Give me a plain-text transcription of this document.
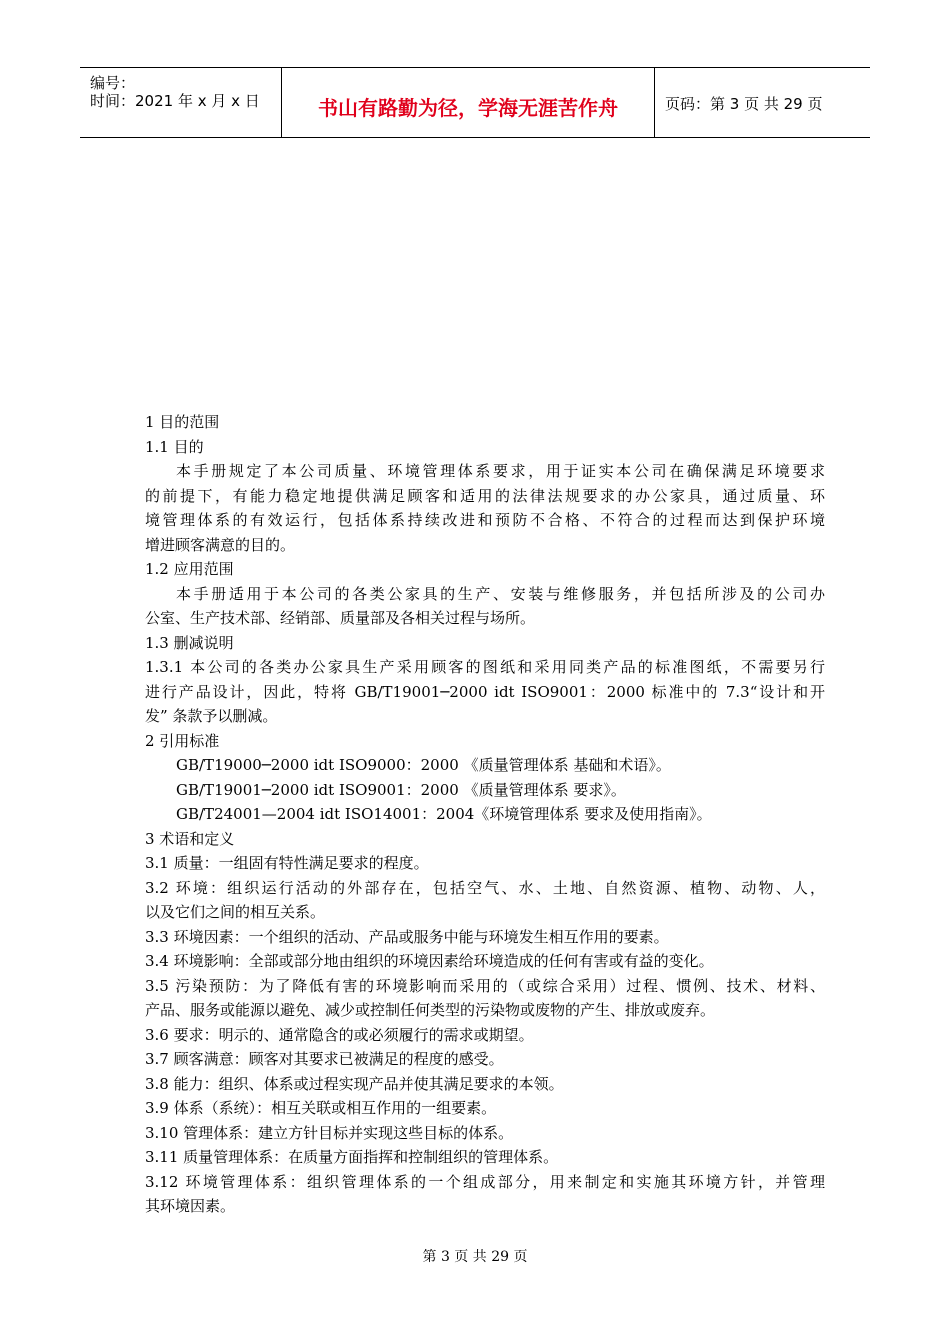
编号：
时间：2021 年 x 月 x 日	书山有路勤为径，学海无涯苦作舟	页码：第 3 页 共 29 页
1 目的范围
1.1 目的
本手册规定了本公司质量、环境管理体系要求，用于证实本公司在确保满足环境要求
的前提下，有能力稳定地提供满足顾客和适用的法律法规要求的办公家具，通过质量、环
境管理体系的有效运行，包括体系持续改进和预防不合格、不符合的过程而达到保护环境
增进顾客满意的目的。
1.2 应用范围
本手册适用于本公司的各类公家具的生产、安装与维修服务，并包括所涉及的公司办
公室、生产技术部、经销部、质量部及各相关过程与场所。
1.3 删减说明
1.3.1 本公司的各类办公家具生产采用顾客的图纸和采用同类产品的标准图纸，不需要另行
进行产品设计，因此，特将 GB/T19001─2000 idt ISO9001：2000 标准中的 7.3“设计和开
发” 条款予以删减。
2 引用标准
GB/T19000─2000 idt ISO9000：2000 《质量管理体系 基础和术语》。
GB/T19001─2000 idt ISO9001：2000 《质量管理体系 要求》。
GB/T24001—2004 idt ISO14001：2004《环境管理体系 要求及使用指南》。
3 术语和定义
3.1 质量：一组固有特性满足要求的程度。
3.2 环境：组织运行活动的外部存在，包括空气、水、土地、自然资源、植物、动物、人，
以及它们之间的相互关系。
3.3 环境因素：一个组织的活动、产品或服务中能与环境发生相互作用的要素。
3.4 环境影响：全部或部分地由组织的环境因素给环境造成的任何有害或有益的变化。
3.5 污染预防：为了降低有害的环境影响而采用的（或综合采用）过程、惯例、技术、材料、
产品、服务或能源以避免、减少或控制任何类型的污染物或废物的产生、排放或废弃。
3.6 要求：明示的、通常隐含的或必须履行的需求或期望。
3.7 顾客满意：顾客对其要求已被满足的程度的感受。
3.8 能力：组织、体系或过程实现产品并使其满足要求的本领。
3.9 体系（系统）：相互关联或相互作用的一组要素。
3.10 管理体系：建立方针目标并实现这些目标的体系。
3.11 质量管理体系：在质量方面指挥和控制组织的管理体系。
3.12 环境管理体系：组织管理体系的一个组成部分，用来制定和实施其环境方针，并管理
其环境因素。
第 3 页 共 29 页
